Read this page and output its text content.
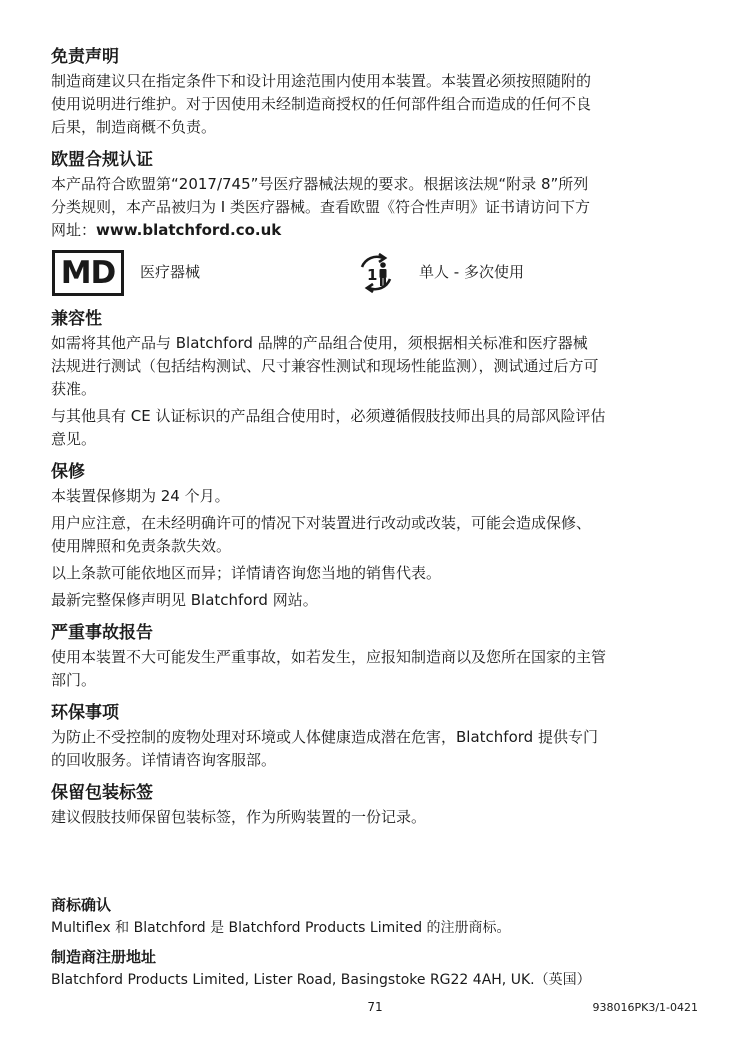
免责声明

制造商建议只在指定条件下和设计用途范围内使用本装置。本装置必须按照随附的

使用说明进行维护。对于因使用未经制造商授权的任何部件组合而造成的任何不良

后果，制造商概不负责。

欧盟合规认证

本产品符合欧盟第“2017/745”号医疗器械法规的要求。根据该法规“附录 8”所列

分类规则，本产品被归为 I 类医疗器械。查看欧盟《符合性声明》证书请访问下方

网址：www.blatchford.co.uk

MD 医疗器械	1	单人 - 多次使用
兼容性

如需将其他产品与 Blatchford 品牌的产品组合使用，须根据相关标准和医疗器械

法规进行测试（包括结构测试、尺寸兼容性测试和现场性能监测），测试通过后方可

获准。

与其他具有 CE 认证标识的产品组合使用时，必须遵循假肢技师出具的局部风险评估

意见。

保修

本装置保修期为 24 个月。

用户应注意，在未经明确许可的情况下对装置进行改动或改装，可能会造成保修、

使用牌照和免责条款失效。

以上条款可能依地区而异；详情请咨询您当地的销售代表。

最新完整保修声明见 Blatchford 网站。

严重事故报告

使用本装置不大可能发生严重事故，如若发生，应报知制造商以及您所在国家的主管

部门。

环保事项

为防止不受控制的废物处理对环境或人体健康造成潜在危害，Blatchford 提供专门

的回收服务。详情请咨询客服部。

保留包装标签

建议假肢技师保留包装标签，作为所购装置的一份记录。

商标确认

Multiflex 和 Blatchford 是 Blatchford Products Limited 的注册商标。

制造商注册地址

Blatchford Products Limited, Lister Road, Basingstoke RG22 4AH, UK.（英国）

71	938016PK3/1-0421
